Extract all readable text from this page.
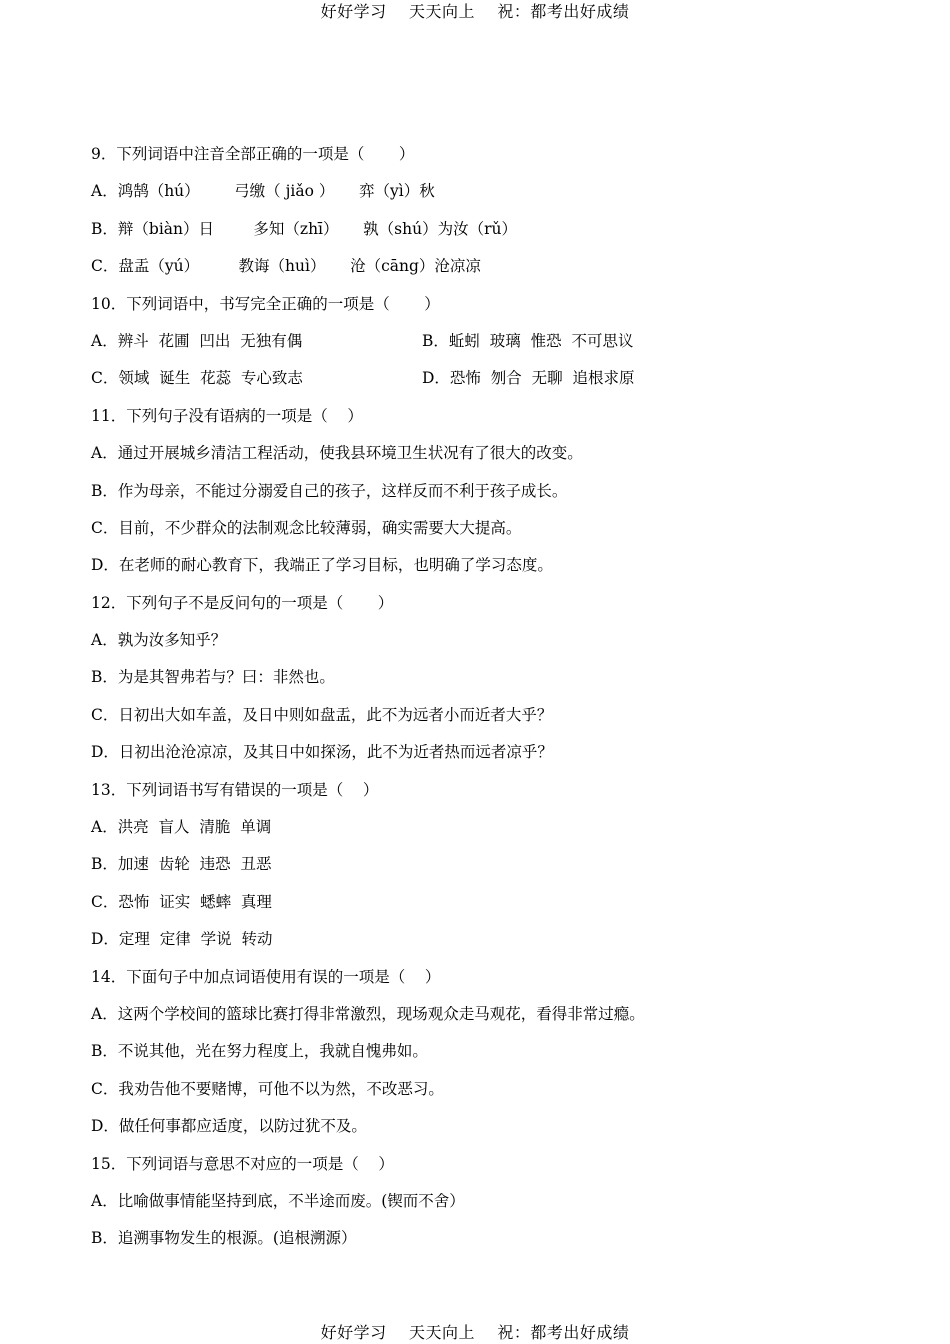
好好学习    天天向上    祝：都考出好成绩
9．下列词语中注音全部正确的一项是（       ）
A．鸿鹄（hú）       弓缴（ jiǎo ）     弈（yì）秋
B．辩（biàn）日        多知（zhī）     孰（shú）为汝（rǔ）
C．盘盂（yú）        教诲（huì）     沧（cāng）沧凉凉
10．下列词语中，书写完全正确的一项是（       ）
A．辨斗  花圃  凹出  无独有偶	B．蚯蚓  玻璃  惟恐  不可思议
C．领域  诞生  花蕊  专心致志	D．恐怖  刎合  无聊  追根求原
11．下列句子没有语病的一项是（    ）
A．通过开展城乡清洁工程活动，使我县环境卫生状况有了很大的改变。
B．作为母亲，不能过分溺爱自己的孩子，这样反而不利于孩子成长。
C．目前，不少群众的法制观念比较薄弱，确实需要大大提高。
D．在老师的耐心教育下，我端正了学习目标，也明确了学习态度。
12．下列句子不是反问句的一项是（       ）
A．孰为汝多知乎？
B．为是其智弗若与？曰：非然也。
C．日初出大如车盖，及日中则如盘盂，此不为远者小而近者大乎？
D．日初出沧沧凉凉，及其日中如探汤，此不为近者热而远者凉乎？
13．下列词语书写有错误的一项是（    ）
A．洪亮  盲人  清脆  单调
B．加速  齿轮  违恐  丑恶
C．恐怖  证实  蟋蟀  真理
D．定理  定律  学说  转动
14．下面句子中加点词语使用有误的一项是（    ）
A．这两个学校间的篮球比赛打得非常激烈，现场观众走马观花，看得非常过瘾。
B．不说其他，光在努力程度上，我就自愧弗如。
C．我劝告他不要赌博，可他不以为然，不改恶习。
D．做任何事都应适度，以防过犹不及。
15．下列词语与意思不对应的一项是（    ）
A．比喻做事情能坚持到底，不半途而废。(锲而不舍）
B．追溯事物发生的根源。(追根溯源）
好好学习    天天向上    祝：都考出好成绩
